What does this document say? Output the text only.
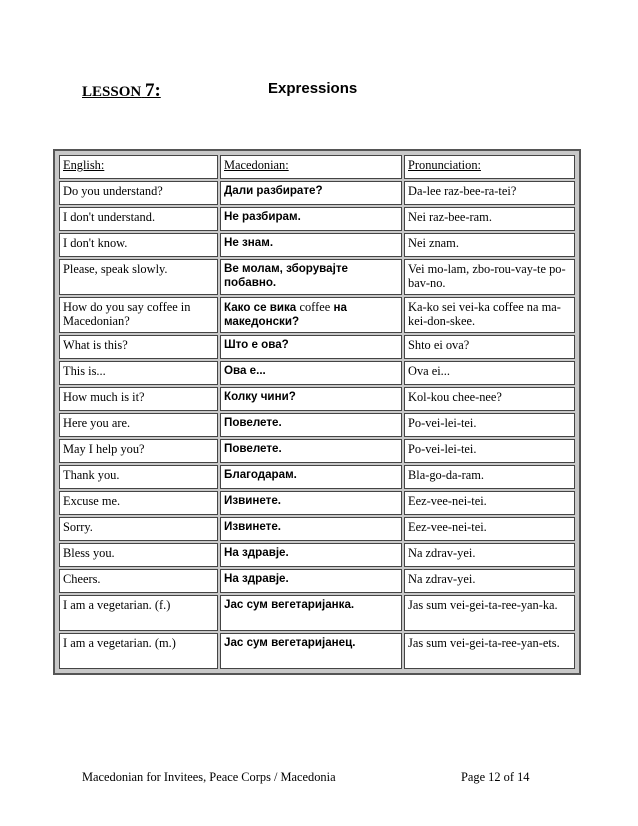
LESSON 7:	Expressions
English:	Macedonian:	Pronunciation:
Do you understand?	Дали разбирате?	Da-lee raz-bee-ra-tei?
I don't understand.	Не разбирам.	Nei raz-bee-ram.
I don't know.	Не знам.	Nei znam.
Please, speak slowly.	Ве молам, зборувајте побавно.	Vei mo-lam, zbo-rou-vay-te po-bav-no.
How do you say coffee in Macedonian?	Како се вика coffee на македонски?	Ka-ko sei vei-ka coffee na ma-kei-don-skee.
What is this?	Што е ова?	Shto ei ova?
This is...	Ова е...	Ova ei...
How much is it?	Колку чини?	Kol-kou chee-nee?
Here you are.	Повелете.	Po-vei-lei-tei.
May I help you?	Повелете.	Po-vei-lei-tei.
Thank you.	Благодарам.	Bla-go-da-ram.
Excuse me.	Извинете.	Eez-vee-nei-tei.
Sorry.	Извинете.	Eez-vee-nei-tei.
Bless you.	На здравје.	Na zdrav-yei.
Cheers.	На здравје.	Na zdrav-yei.
I am a vegetarian. (f.)	Јас сум вегетаријанка.	Jas sum vei-gei-ta-ree-yan-ka.
I am a vegetarian. (m.)	Јас сум вегетаријанец.	Jas sum vei-gei-ta-ree-yan-ets.
Macedonian for Invitees, Peace Corps / Macedonia	Page 12 of 14
